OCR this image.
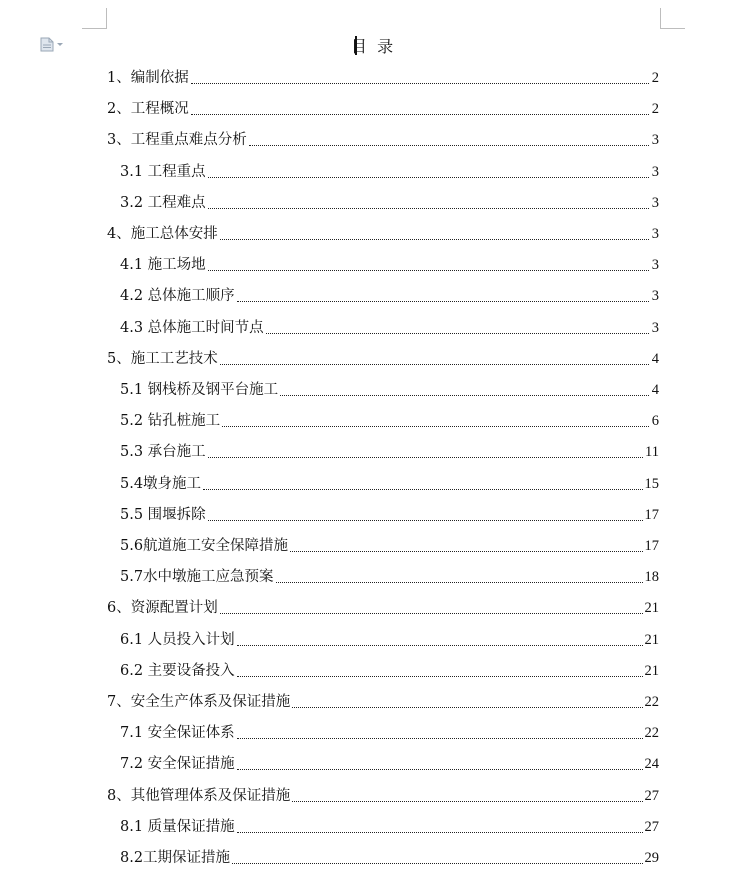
目  录
1、编制依据	2
2、工程概况	2
3、工程重点难点分析	3
3.1 工程重点	3
3.2 工程难点	3
4、施工总体安排	3
4.1 施工场地	3
4.2 总体施工顺序	3
4.3 总体施工时间节点	3
5、施工工艺技术	4
5.1 钢栈桥及钢平台施工	4
5.2 钻孔桩施工	6
5.3 承台施工	11
5.4墩身施工	15
5.5 围堰拆除	17
5.6航道施工安全保障措施	17
5.7水中墩施工应急预案	18
6、资源配置计划	21
6.1 人员投入计划	21
6.2 主要设备投入	21
7、安全生产体系及保证措施	22
7.1 安全保证体系	22
7.2 安全保证措施	24
8、其他管理体系及保证措施	27
8.1 质量保证措施	27
8.2工期保证措施	29
